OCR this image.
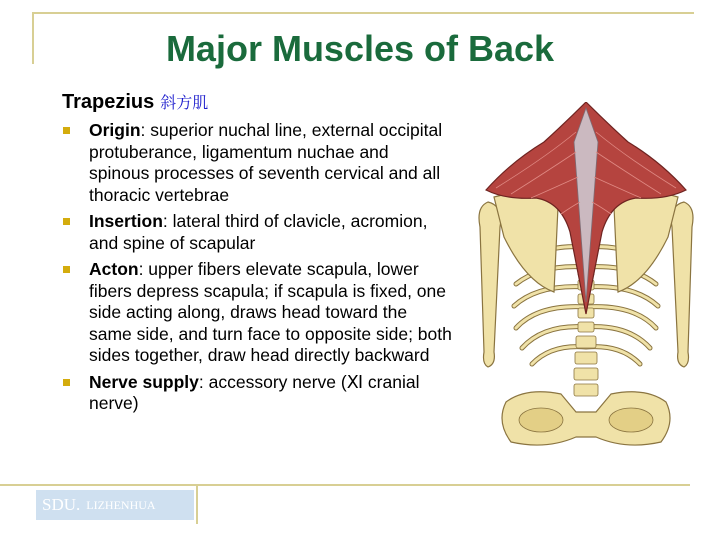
Major Muscles of Back
Trapezius 斜方肌
Origin: superior nuchal line, external occipital protuberance, ligamentum nuchae and spinous processes of seventh cervical and all thoracic vertebrae
Insertion: lateral third of clavicle, acromion, and spine of scapular
Acton: upper fibers elevate scapula, lower fibers depress scapula; if scapula is fixed, one side acting along, draws head toward the same side, and turn face to opposite side; both sides together, draw head directly backward
Nerve supply: accessory nerve (Ⅺ cranial nerve)
SDU. LIZHENHUA
